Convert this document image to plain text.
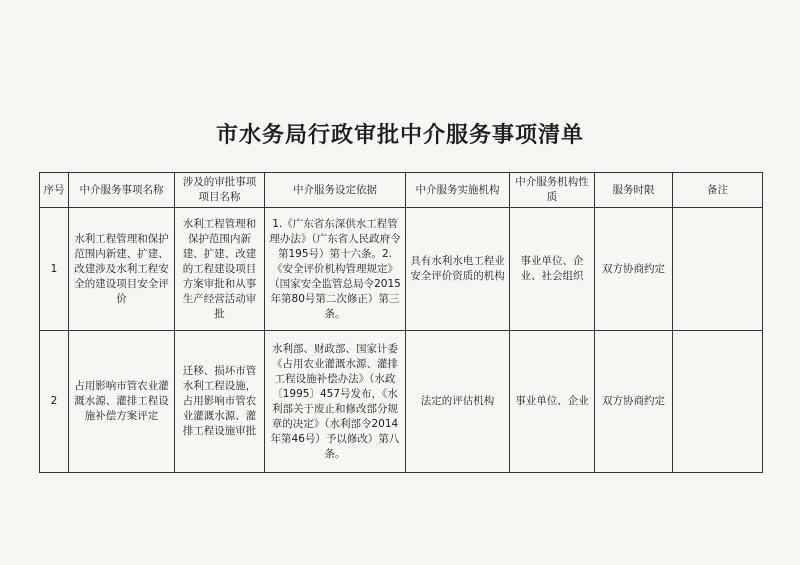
市水务局行政审批中介服务事项清单
序号	中介服务事项名称	涉及的审批事项项目名称	中介服务设定依据	中介服务实施机构	中介服务机构性质	服务时限	备注
1	水利工程管理和保护范围内新建、扩建、改建涉及水利工程安全的建设项目安全评价	水利工程管理和保护范围内新建、扩建、改建的工程建设项目方案审批和从事生产经营活动审批	1.《广东省东深供水工程管理办法》（广东省人民政府令第195号）第十六条。2.《安全评价机构管理规定》（国家安全监管总局令2015年第80号第二次修正）第三条。	具有水利水电工程业安全评价资质的机构	事业单位、企业、社会组织	双方协商约定	
2	占用影响市管农业灌溉水源、灌排工程设施补偿方案评定	迁移、损坏市管水利工程设施，占用影响市管农业灌溉水源、灌排工程设施审批	水利部、财政部、国家计委《占用农业灌溉水源、灌排工程设施补偿办法》（水政〔1995〕457号发布，《水利部关于废止和修改部分规章的决定》（水利部令2014年第46号）予以修改）第八条。	法定的评估机构	事业单位、企业	双方协商约定	
